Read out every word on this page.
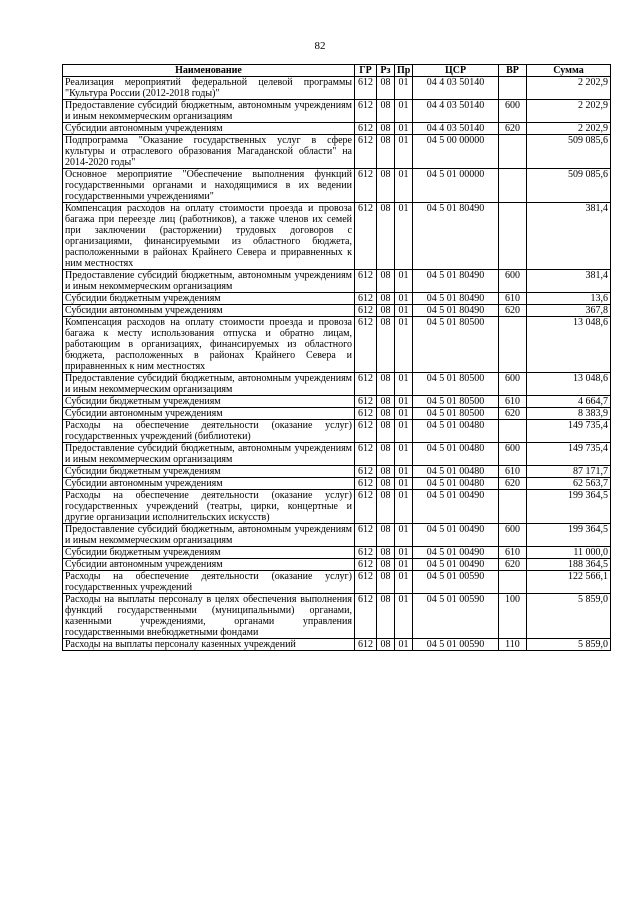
82
Наименование	ГР	Рз	Пр	ЦСР	ВР	Сумма
Реализация мероприятий федеральной целевой программы "Культура России (2012-2018 годы)"	612	08	01	04 4 03 50140		2 202,9
Предоставление субсидий бюджетным, автономным учреждениям и иным некоммерческим организациям	612	08	01	04 4 03 50140	600	2 202,9
Субсидии автономным учреждениям	612	08	01	04 4 03 50140	620	2 202,9
Подпрограмма "Оказание государственных услуг в сфере культуры и отраслевого образования Магаданской области" на 2014-2020 годы"	612	08	01	04 5 00 00000		509 085,6
Основное мероприятие "Обеспечение выполнения функций государственными органами и находящимися в их ведении государственными учреждениями"	612	08	01	04 5 01 00000		509 085,6
Компенсация расходов на оплату стоимости проезда и провоза багажа при переезде лиц (работников), а также членов их семей при заключении (расторжении) трудовых договоров с организациями, финансируемыми из областного бюджета, расположенными в районах Крайнего Севера и приравненных к ним местностях	612	08	01	04 5 01 80490		381,4
Предоставление субсидий бюджетным, автономным учреждениям и иным некоммерческим организациям	612	08	01	04 5 01 80490	600	381,4
Субсидии бюджетным учреждениям	612	08	01	04 5 01 80490	610	13,6
Субсидии автономным учреждениям	612	08	01	04 5 01 80490	620	367,8
Компенсация расходов на оплату стоимости проезда и провоза багажа к месту использования отпуска и обратно лицам, работающим в организациях, финансируемых из областного бюджета, расположенных в районах Крайнего Севера и приравненных к ним местностях	612	08	01	04 5 01 80500		13 048,6
Предоставление субсидий бюджетным, автономным учреждениям и иным некоммерческим организациям	612	08	01	04 5 01 80500	600	13 048,6
Субсидии бюджетным учреждениям	612	08	01	04 5 01 80500	610	4 664,7
Субсидии автономным учреждениям	612	08	01	04 5 01 80500	620	8 383,9
Расходы на обеспечение деятельности (оказание услуг) государственных учреждений (библиотеки)	612	08	01	04 5 01 00480		149 735,4
Предоставление субсидий бюджетным, автономным учреждениям и иным некоммерческим организациям	612	08	01	04 5 01 00480	600	149 735,4
Субсидии бюджетным учреждениям	612	08	01	04 5 01 00480	610	87 171,7
Субсидии автономным учреждениям	612	08	01	04 5 01 00480	620	62 563,7
Расходы на обеспечение деятельности (оказание услуг) государственных учреждений (театры, цирки, концертные и другие организации исполнительских искусств)	612	08	01	04 5 01 00490		199 364,5
Предоставление субсидий бюджетным, автономным учреждениям и иным некоммерческим организациям	612	08	01	04 5 01 00490	600	199 364,5
Субсидии бюджетным учреждениям	612	08	01	04 5 01 00490	610	11 000,0
Субсидии автономным учреждениям	612	08	01	04 5 01 00490	620	188 364,5
Расходы на обеспечение деятельности (оказание услуг) государственных учреждений	612	08	01	04 5 01 00590		122 566,1
Расходы на выплаты персоналу в целях обеспечения выполнения функций государственными (муниципальными) органами, казенными учреждениями, органами управления государственными внебюджетными фондами	612	08	01	04 5 01 00590	100	5 859,0
Расходы на выплаты персоналу казенных учреждений	612	08	01	04 5 01 00590	110	5 859,0
